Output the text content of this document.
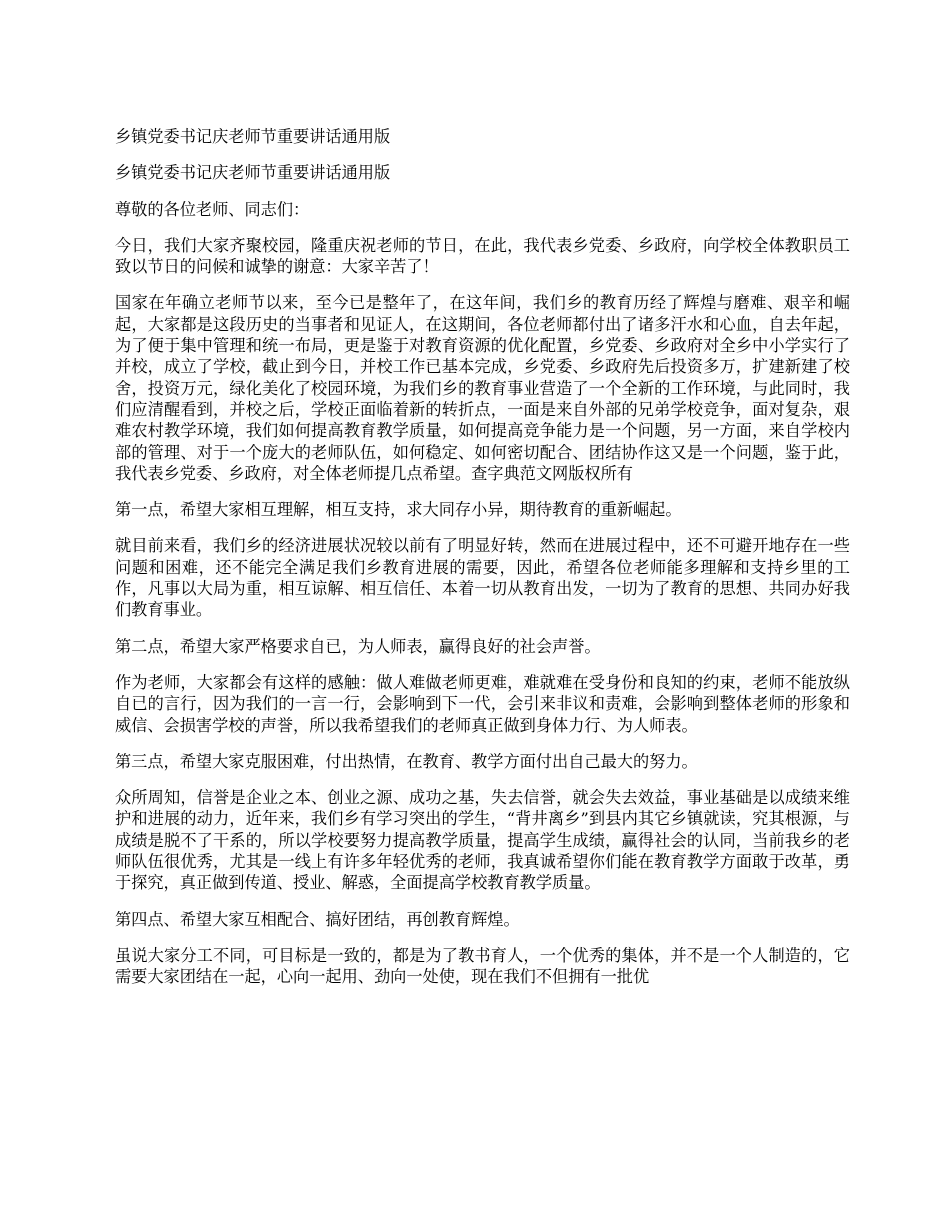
乡镇党委书记庆老师节重要讲话通用版

乡镇党委书记庆老师节重要讲话通用版

尊敬的各位老师、同志们：

今日，我们大家齐聚校园，隆重庆祝老师的节日，在此，我代表乡党委、乡政府，向学校全体教职员工致以节日的问候和诚挚的谢意：大家辛苦了！

国家在年确立老师节以来，至今已是整年了，在这年间，我们乡的教育历经了辉煌与磨难、艰辛和崛起，大家都是这段历史的当事者和见证人，在这期间，各位老师都付出了诸多汗水和心血，自去年起，为了便于集中管理和统一布局，更是鉴于对教育资源的优化配置，乡党委、乡政府对全乡中小学实行了并校，成立了学校，截止到今日，并校工作已基本完成，乡党委、乡政府先后投资多万，扩建新建了校舍，投资万元，绿化美化了校园环境，为我们乡的教育事业营造了一个全新的工作环境，与此同时，我们应清醒看到，并校之后，学校正面临着新的转折点，一面是来自外部的兄弟学校竞争，面对复杂，艰难农村教学环境，我们如何提高教育教学质量，如何提高竞争能力是一个问题，另一方面，来自学校内部的管理、对于一个庞大的老师队伍，如何稳定、如何密切配合、团结协作这又是一个问题，鉴于此，我代表乡党委、乡政府，对全体老师提几点希望。查字典范文网版权所有

第一点，希望大家相互理解，相互支持，求大同存小异，期待教育的重新崛起。

就目前来看，我们乡的经济进展状况较以前有了明显好转，然而在进展过程中，还不可避开地存在一些问题和困难，还不能完全满足我们乡教育进展的需要，因此，希望各位老师能多理解和支持乡里的工作，凡事以大局为重，相互谅解、相互信任、本着一切从教育出发，一切为了教育的思想、共同办好我们教育事业。

第二点，希望大家严格要求自已，为人师表，赢得良好的社会声誉。

作为老师，大家都会有这样的感触：做人难做老师更难，难就难在受身份和良知的约束，老师不能放纵自已的言行，因为我们的一言一行，会影响到下一代，会引来非议和责难，会影响到整体老师的形象和威信、会损害学校的声誉，所以我希望我们的老师真正做到身体力行、为人师表。

第三点，希望大家克服困难，付出热情，在教育、教学方面付出自己最大的努力。

众所周知，信誉是企业之本、创业之源、成功之基，失去信誉，就会失去效益，事业基础是以成绩来维护和进展的动力，近年来，我们乡有学习突出的学生，“背井离乡”到县内其它乡镇就读，究其根源，与成绩是脱不了干系的，所以学校要努力提高教学质量，提高学生成绩，赢得社会的认同，当前我乡的老师队伍很优秀，尤其是一线上有许多年轻优秀的老师，我真诚希望你们能在教育教学方面敢于改革，勇于探究，真正做到传道、授业、解惑，全面提高学校教育教学质量。

第四点、希望大家互相配合、搞好团结，再创教育辉煌。

虽说大家分工不同，可目标是一致的，都是为了教书育人，一个优秀的集体，并不是一个人制造的，它需要大家团结在一起，心向一起用、劲向一处使，现在我们不但拥有一批优
